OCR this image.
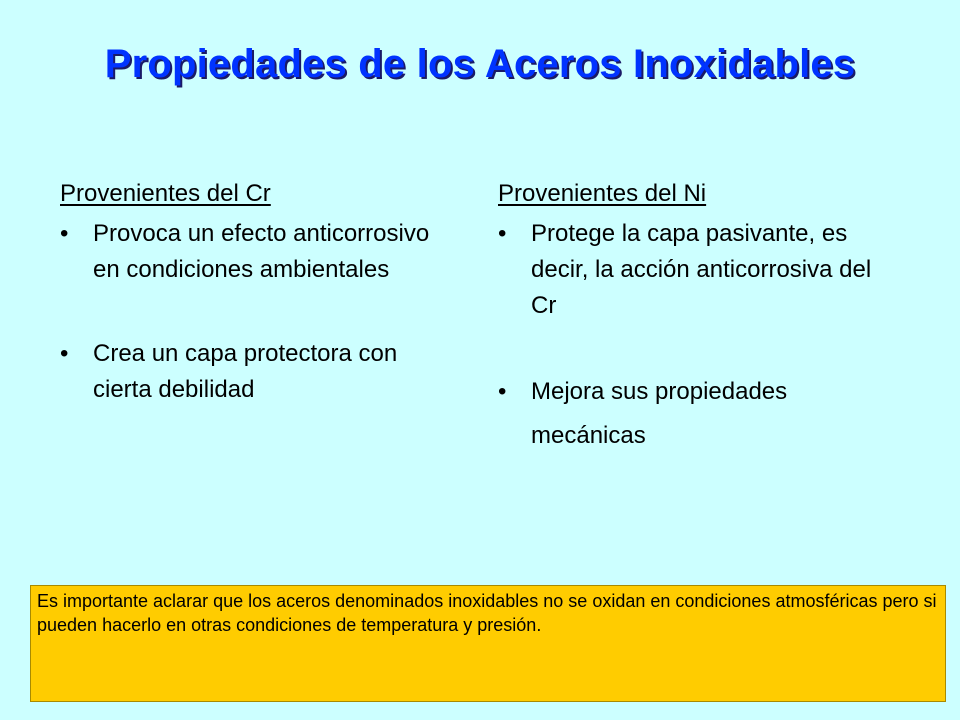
Propiedades de los Aceros Inoxidables
Provenientes del Cr
• Provoca un efecto anticorrosivo en condiciones ambientales
• Crea un capa protectora con cierta debilidad
Provenientes del Ni
• Protege la capa pasivante, es decir, la acción anticorrosiva del Cr
• Mejora sus propiedades mecánicas
Es importante aclarar que los aceros denominados inoxidables no se oxidan en condiciones atmosféricas pero si pueden hacerlo en otras condiciones de temperatura y presión.
